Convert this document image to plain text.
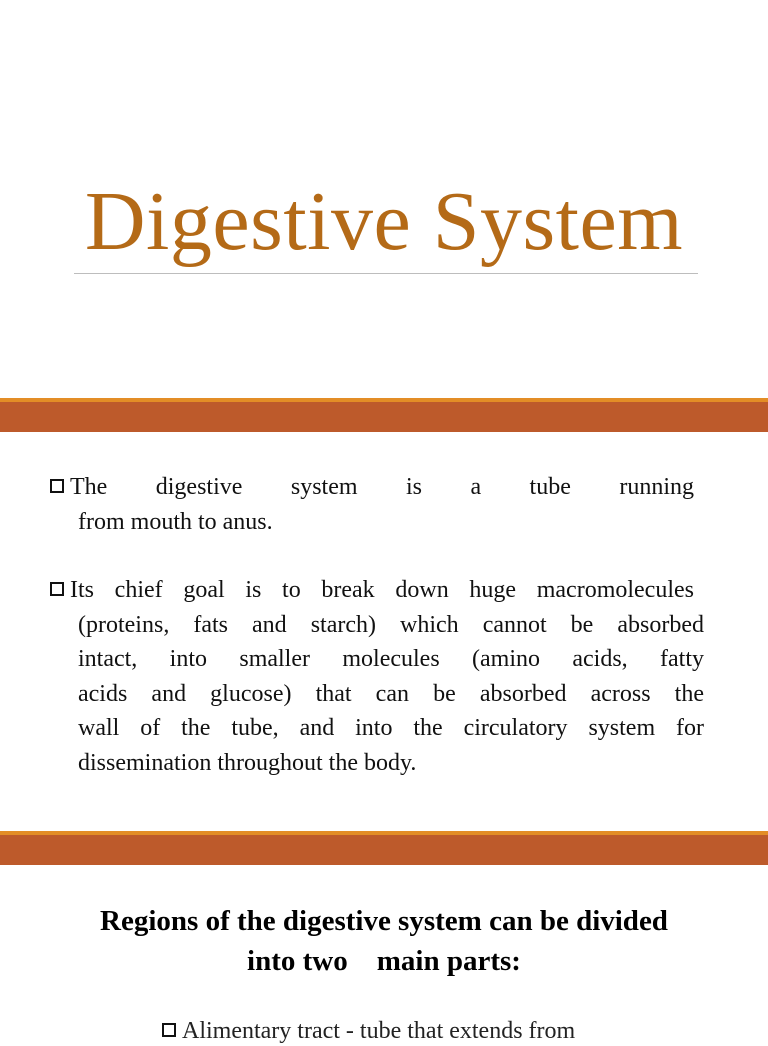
Digestive System
The digestive system is a tube running
from mouth to anus.
Its chief goal is to break down huge macromolecules
(proteins, fats and starch) which cannot be absorbed
intact, into smaller molecules (amino acids, fatty
acids and glucose) that can be absorbed across the
wall of the tube, and into the circulatory system for
dissemination throughout the body.
Regions of the digestive system can be divided
into two    main parts:
Alimentary tract - tube that extends from
